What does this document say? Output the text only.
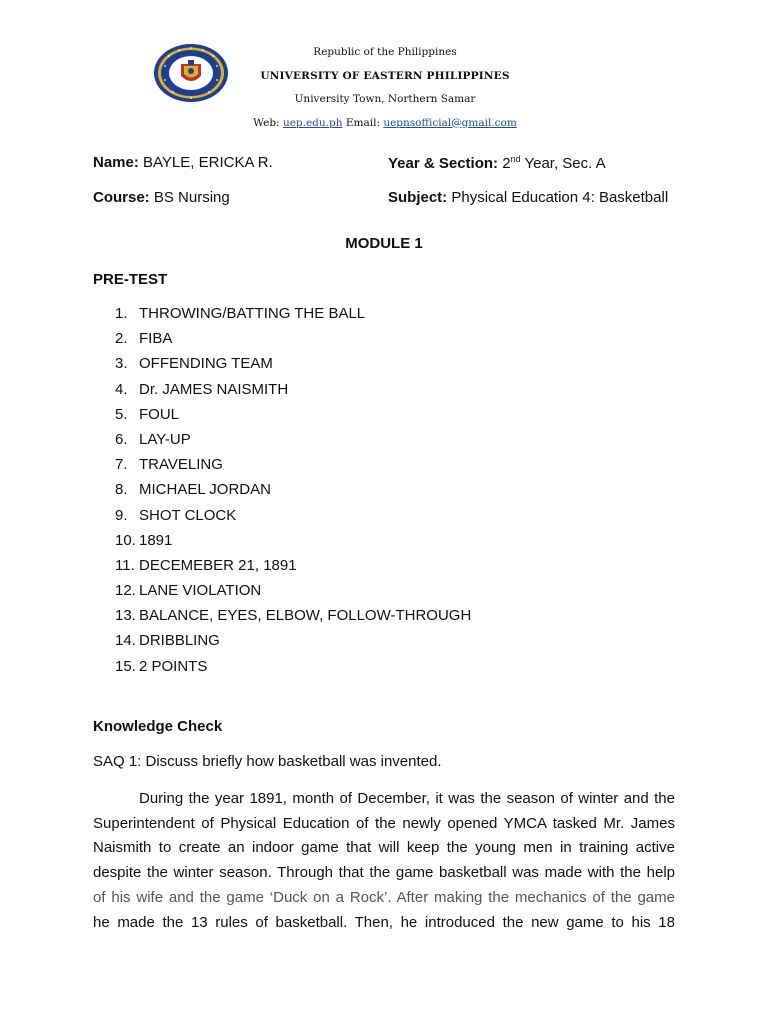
Republic of the Philippines
UNIVERSITY OF EASTERN PHILIPPINES
University Town, Northern Samar
Web: uep.edu.ph Email: uepnsofficial@gmail.com
Name: BAYLE, ERICKA R.	Year & Section: 2nd Year, Sec. A
Course: BS Nursing	Subject: Physical Education 4: Basketball
MODULE 1
PRE-TEST
1. THROWING/BATTING THE BALL
2. FIBA
3. OFFENDING TEAM
4. Dr. JAMES NAISMITH
5. FOUL
6. LAY-UP
7. TRAVELING
8. MICHAEL JORDAN
9. SHOT CLOCK
10. 1891
11. DECEMEBER 21, 1891
12. LANE VIOLATION
13. BALANCE, EYES, ELBOW, FOLLOW-THROUGH
14. DRIBBLING
15. 2 POINTS
Knowledge Check
SAQ 1: Discuss briefly how basketball was invented.
During the year 1891, month of December, it was the season of winter and the
Superintendent of Physical Education of the newly opened YMCA tasked Mr. James
Naismith to create an indoor game that will keep the young men in training active
despite the winter season. Through that the game basketball was made with the help
of his wife and the game ‘Duck on a Rock’. After making the mechanics of the game
he made the 13 rules of basketball. Then, he introduced the new game to his 18
